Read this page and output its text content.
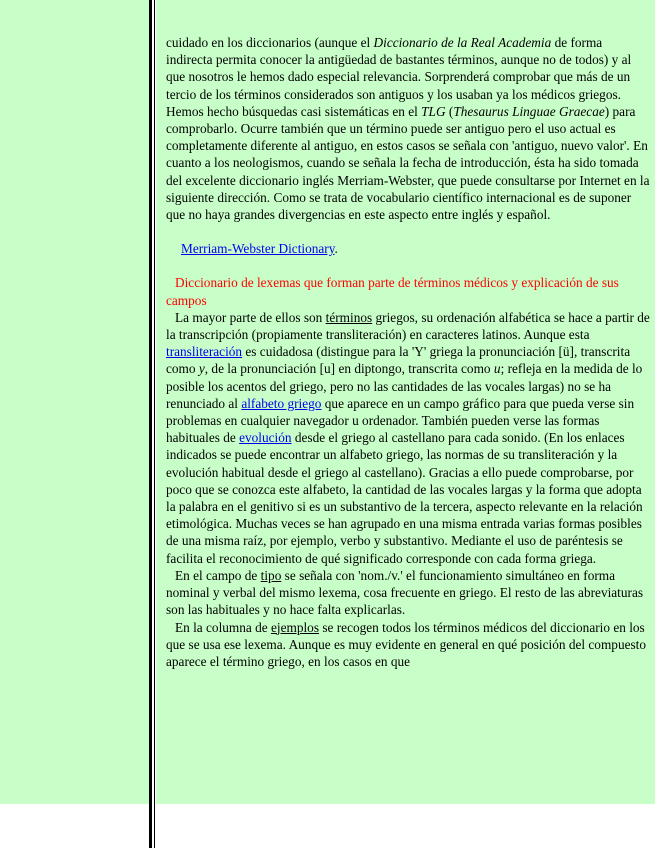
cuidado en los diccionarios (aunque el Diccionario de la Real Academia de forma indirecta permita conocer la antigüedad de bastantes términos, aunque no de todos) y al que nosotros le hemos dado especial relevancia. Sorprenderá comprobar que más de un tercio de los términos considerados son antiguos y los usaban ya los médicos griegos. Hemos hecho búsquedas casi sistemáticas en el TLG (Thesaurus Linguae Graecae) para comprobarlo. Ocurre también que un término puede ser antiguo pero el uso actual es completamente diferente al antiguo, en estos casos se señala con 'antiguo, nuevo valor'. En cuanto a los neologismos, cuando se señala la fecha de introducción, ésta ha sido tomada del excelente diccionario inglés Merriam-Webster, que puede consultarse por Internet en la siguiente dirección. Como se trata de vocabulario científico internacional es de suponer que no haya grandes divergencias en este aspecto entre inglés y español.

Merriam-Webster Dictionary.

Diccionario de lexemas que forman parte de términos médicos y explicación de sus campos

La mayor parte de ellos son términos griegos, su ordenación alfabética se hace a partir de la transcripción (propiamente transliteración) en caracteres latinos. Aunque esta transliteración es cuidadosa (distingue para la 'Y' griega la pronunciación [ü], transcrita como y, de la pronunciación [u] en diptongo, transcrita como u; refleja en la medida de lo posible los acentos del griego, pero no las cantidades de las vocales largas) no se ha renunciado al alfabeto griego que aparece en un campo gráfico para que pueda verse sin problemas en cualquier navegador u ordenador. También pueden verse las formas habituales de evolución desde el griego al castellano para cada sonido. (En los enlaces indicados se puede encontrar un alfabeto griego, las normas de su transliteración y la evolución habitual desde el griego al castellano). Gracias a ello puede comprobarse, por poco que se conozca este alfabeto, la cantidad de las vocales largas y la forma que adopta la palabra en el genitivo si es un substantivo de la tercera, aspecto relevante en la relación etimológica. Muchas veces se han agrupado en una misma entrada varias formas posibles de una misma raíz, por ejemplo, verbo y substantivo. Mediante el uso de paréntesis se facilita el reconocimiento de qué significado corresponde con cada forma griega.

En el campo de tipo se señala con 'nom./v.' el funcionamiento simultáneo en forma nominal y verbal del mismo lexema, cosa frecuente en griego. El resto de las abreviaturas son las habituales y no hace falta explicarlas.

En la columna de ejemplos se recogen todos los términos médicos del diccionario en los que se usa ese lexema. Aunque es muy evidente en general en qué posición del compuesto aparece el término griego, en los casos en que
